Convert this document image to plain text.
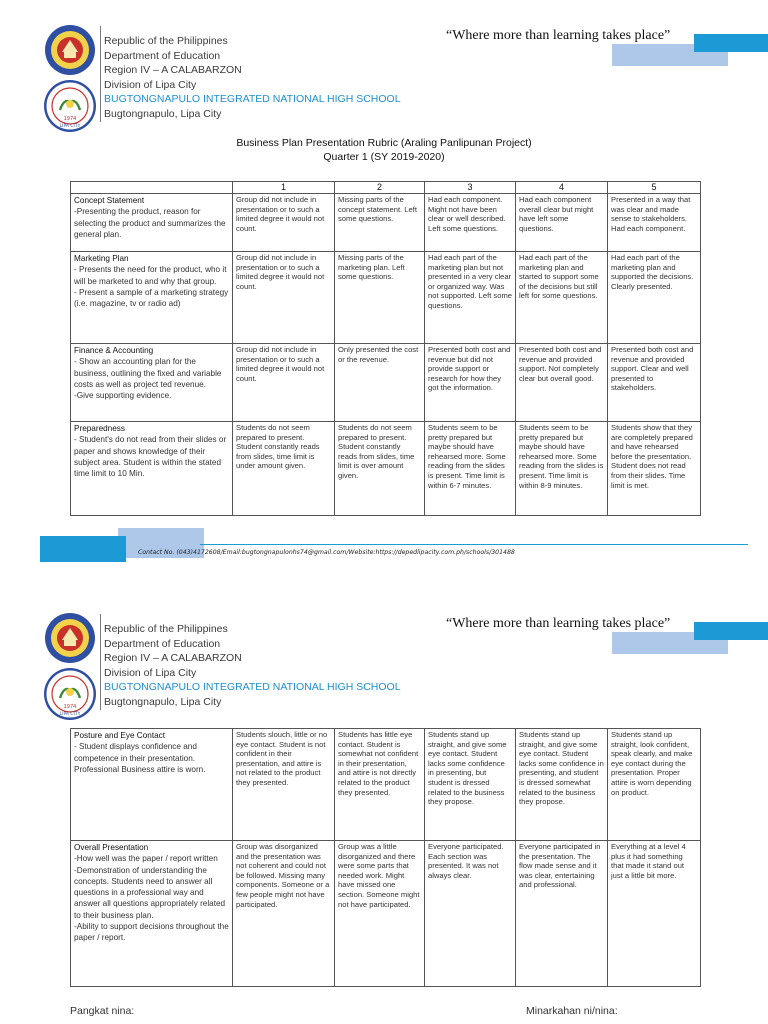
1974
LIPA CITY
Republic of the Philippines
Department of Education
Region IV – A CALABARZON
Division of Lipa City
BUGTONGNAPULO INTEGRATED NATIONAL HIGH SCHOOL
Bugtongnapulo, Lipa City
“Where more than learning takes place”
Business Plan Presentation Rubric (Araling Panlipunan Project)
Quarter 1 (SY 2019-2020)
	1	2	3	4	5

Concept Statement
-Presenting the product, reason for selecting the product and summarizes the general plan.	Group did not include in presentation or to such a limited degree it would not count.	Missing parts of the concept statement. Left some questions.	Had each component. Might not have been clear or well described. Left some questions.	Had each component overall clear but might have left some questions.	Presented in a way that was clear and made sense to stakeholders. Had each component.

Marketing Plan
- Presents the need for the product, who it will be marketed to and why that group.
- Present a sample of a marketing strategy (i.e. magazine, tv or radio ad)	Group did not include in presentation or to such a limited degree it would not count.	Missing parts of the marketing plan. Left some questions.	Had each part of the marketing plan but not presented in a very clear or organized way. Was not supported. Left some questions.	Had each part of the marketing plan and started to support some of the decisions but still left for some questions.	Had each part of the marketing plan and supported the decisions. Clearly presented.

Finance & Accounting
- Show an accounting plan for the business, outlining the fixed and variable costs as well as project ted revenue.
-Give supporting evidence.	Group did not include in presentation or to such a limited degree it would not count.	Only presented the cost or the revenue.	Presented both cost and revenue but did not provide support or research for how they got the information.	Presented both cost and revenue and provided support. Not completely clear but overall good.	Presented both cost and revenue and provided support. Clear and well presented to stakeholders.

Preparedness
- Student's do not read from their slides or paper and shows knowledge of their subject area. Student is within the stated time limit to 10 Min.	Students do not seem prepared to present. Student constantly reads from slides, time limit is under amount given.	Students do not seem prepared to present. Student constantly reads from slides, time limit is over amount given.	Students seem to be pretty prepared but maybe should have rehearsed more. Some reading from the slides is present. Time limit is within 6-7 minutes.	Students seem to be pretty prepared but maybe should have rehearsed more. Some reading from the slides is present. Time limit is within 8-9 minutes.	Students show that they are completely prepared and have rehearsed before the presentation. Student does not read from their slides. Time limit is met.
Contact No. (043)4172608/Email:bugtongnapulonhs74@gmail.com/Website:https://depedlipacity.com.ph/schools/301488
1974
LIPA CITY
Republic of the Philippines
Department of Education
Region IV – A CALABARZON
Division of Lipa City
BUGTONGNAPULO INTEGRATED NATIONAL HIGH SCHOOL
Bugtongnapulo, Lipa City
“Where more than learning takes place”
Posture and Eye Contact
- Student displays confidence and competence in their presentation. Professional Business attire is worn.	Students slouch, little or no eye contact. Student is not confident in their presentation, and attire is not related to the product they presented.	Students has little eye contact. Student is somewhat not confident in their presentation, and attire is not directly related to the product they presented.	Students stand up straight, and give some eye contact. Student lacks some confidence in presenting, but student is dressed related to the business they propose.	Students stand up straight, and give some eye contact. Student lacks some confidence in presenting, and student is dressed somewhat related to the business they propose.	Students stand up straight, look confident, speak clearly, and make eye contact during the presentation. Proper attire is worn depending on product.

Overall Presentation
-How well was the paper / report written
-Demonstration of understanding the concepts. Students need to answer all questions in a professional way and answer all questions appropriately related to their business plan.
-Ability to support decisions throughout the paper / report.	Group was disorganized and the presentation was not coherent and could not be followed. Missing many components. Someone or a few people might not have participated.	Group was a little disorganized and there were some parts that needed work. Might have missed one section. Someone might not have participated.	Everyone participated. Each section was presented. It was not always clear.	Everyone participated in the presentation. The flow made sense and it was clear, entertaining and professional.	Everything at a level 4 plus it had something that made it stand out just a little bit more.
Pangkat nina:	Minarkahan ni/nina:
